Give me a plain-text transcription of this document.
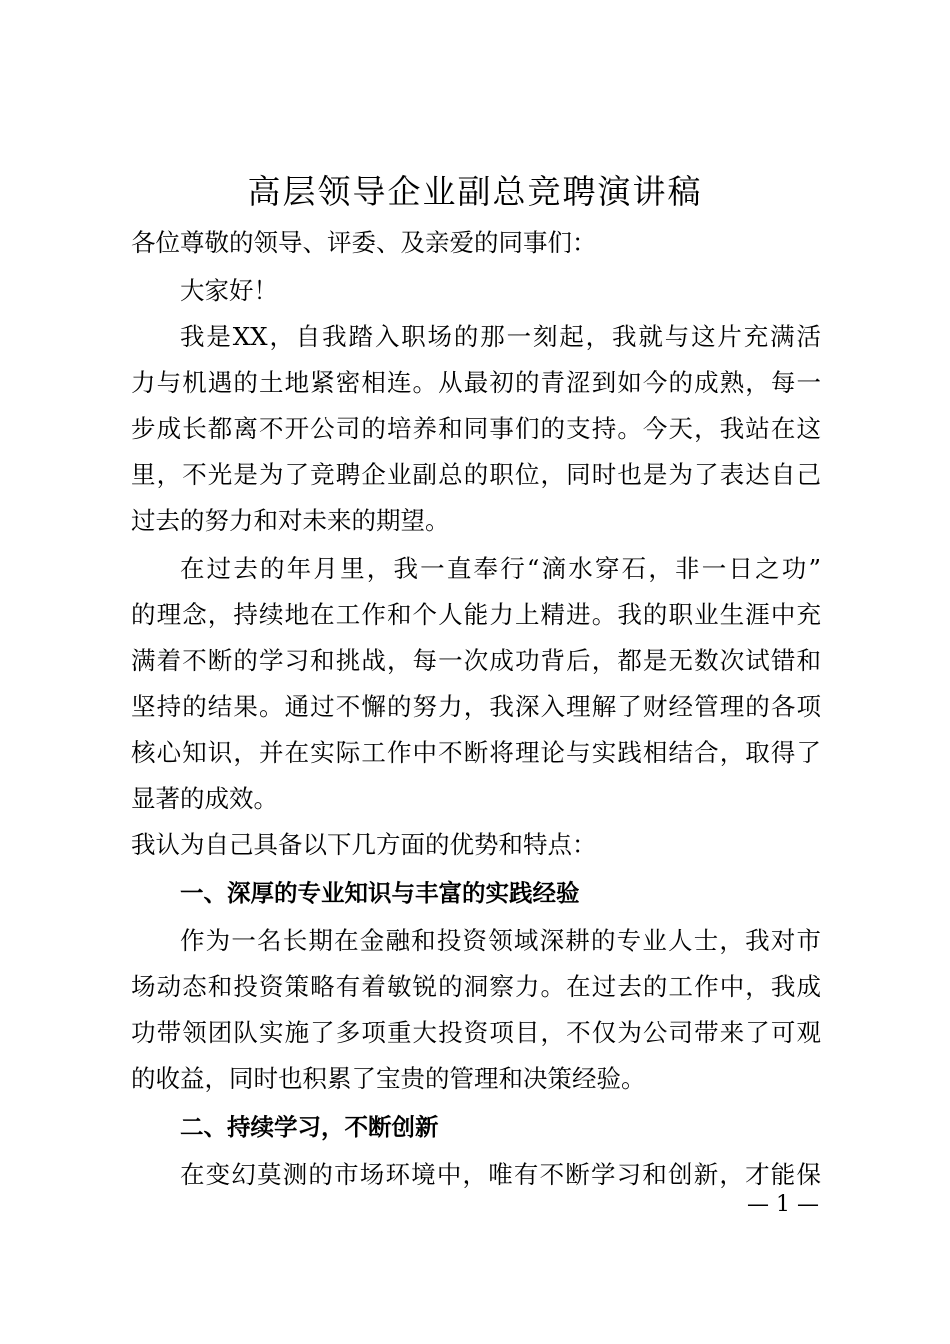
高层领导企业副总竞聘演讲稿

各位尊敬的领导、评委、及亲爱的同事们：

大家好！

我是XX，自我踏入职场的那一刻起，我就与这片充满活

力与机遇的土地紧密相连。从最初的青涩到如今的成熟，每一

步成长都离不开公司的培养和同事们的支持。今天，我站在这

里，不光是为了竞聘企业副总的职位，同时也是为了表达自己

过去的努力和对未来的期望。

在过去的年月里，我一直奉行“滴水穿石，非一日之功”

的理念，持续地在工作和个人能力上精进。我的职业生涯中充

满着不断的学习和挑战，每一次成功背后，都是无数次试错和

坚持的结果。通过不懈的努力，我深入理解了财经管理的各项

核心知识，并在实际工作中不断将理论与实践相结合，取得了

显著的成效。

我认为自己具备以下几方面的优势和特点：

一、深厚的专业知识与丰富的实践经验

作为一名长期在金融和投资领域深耕的专业人士，我对市

场动态和投资策略有着敏锐的洞察力。在过去的工作中，我成

功带领团队实施了多项重大投资项目，不仅为公司带来了可观

的收益，同时也积累了宝贵的管理和决策经验。

二、持续学习，不断创新

在变幻莫测的市场环境中，唯有不断学习和创新，才能保

— 1 —
